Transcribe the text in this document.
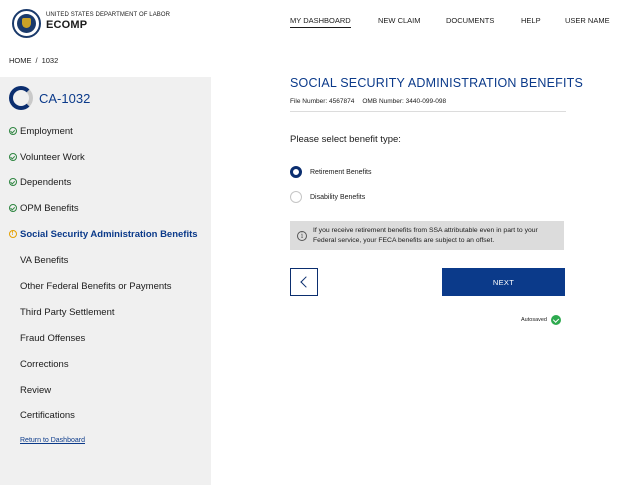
UNITED STATES DEPARTMENT OF LABOR
ECOMP	MY DASHBOARD	NEW CLAIM	DOCUMENTS	HELP	USER NAME
HOME / 1032
CA-1032
Employment
Volunteer Work
Dependents
OPM Benefits
! Social Security Administration Benefits
VA Benefits
Other Federal Benefits or Payments
Third Party Settlement
Fraud Offenses
Corrections
Review
Certifications
Return to Dashboard
SOCIAL SECURITY ADMINISTRATION BENEFITS
File Number: 4567874 OMB Number: 3440-099-098
Please select benefit type:
Retirement Benefits
Disability Benefits
i
If you receive retirement benefits from SSA attributable even in part to your Federal service, your FECA benefits are subject to an offset.
NEXT
Autosaved
